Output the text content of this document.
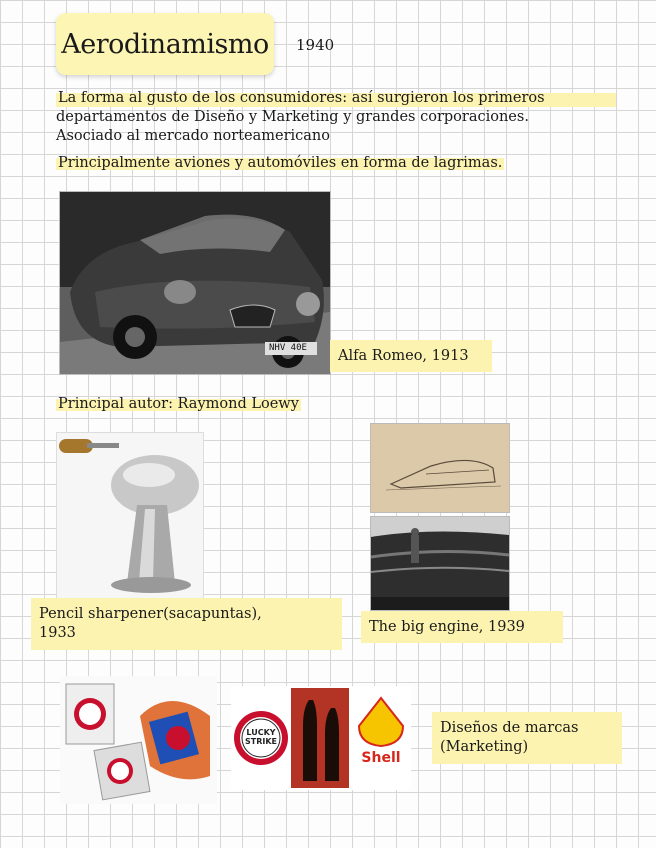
Aerodinamismo 1940
La forma al gusto de los consumidores: así surgieron los primeros
departamentos de Diseño y Marketing y grandes corporaciones.
Asociado al mercado norteamericano
Principalmente aviones y automóviles en forma de lagrimas.
NHV 40E	Alfa Romeo, 1913
Principal autor: Raymond Loewy
Pencil sharpener(sacapuntas),
1933	The big engine, 1939
LUCKY STRIKE
Shell
Diseños de marcas
(Marketing)
